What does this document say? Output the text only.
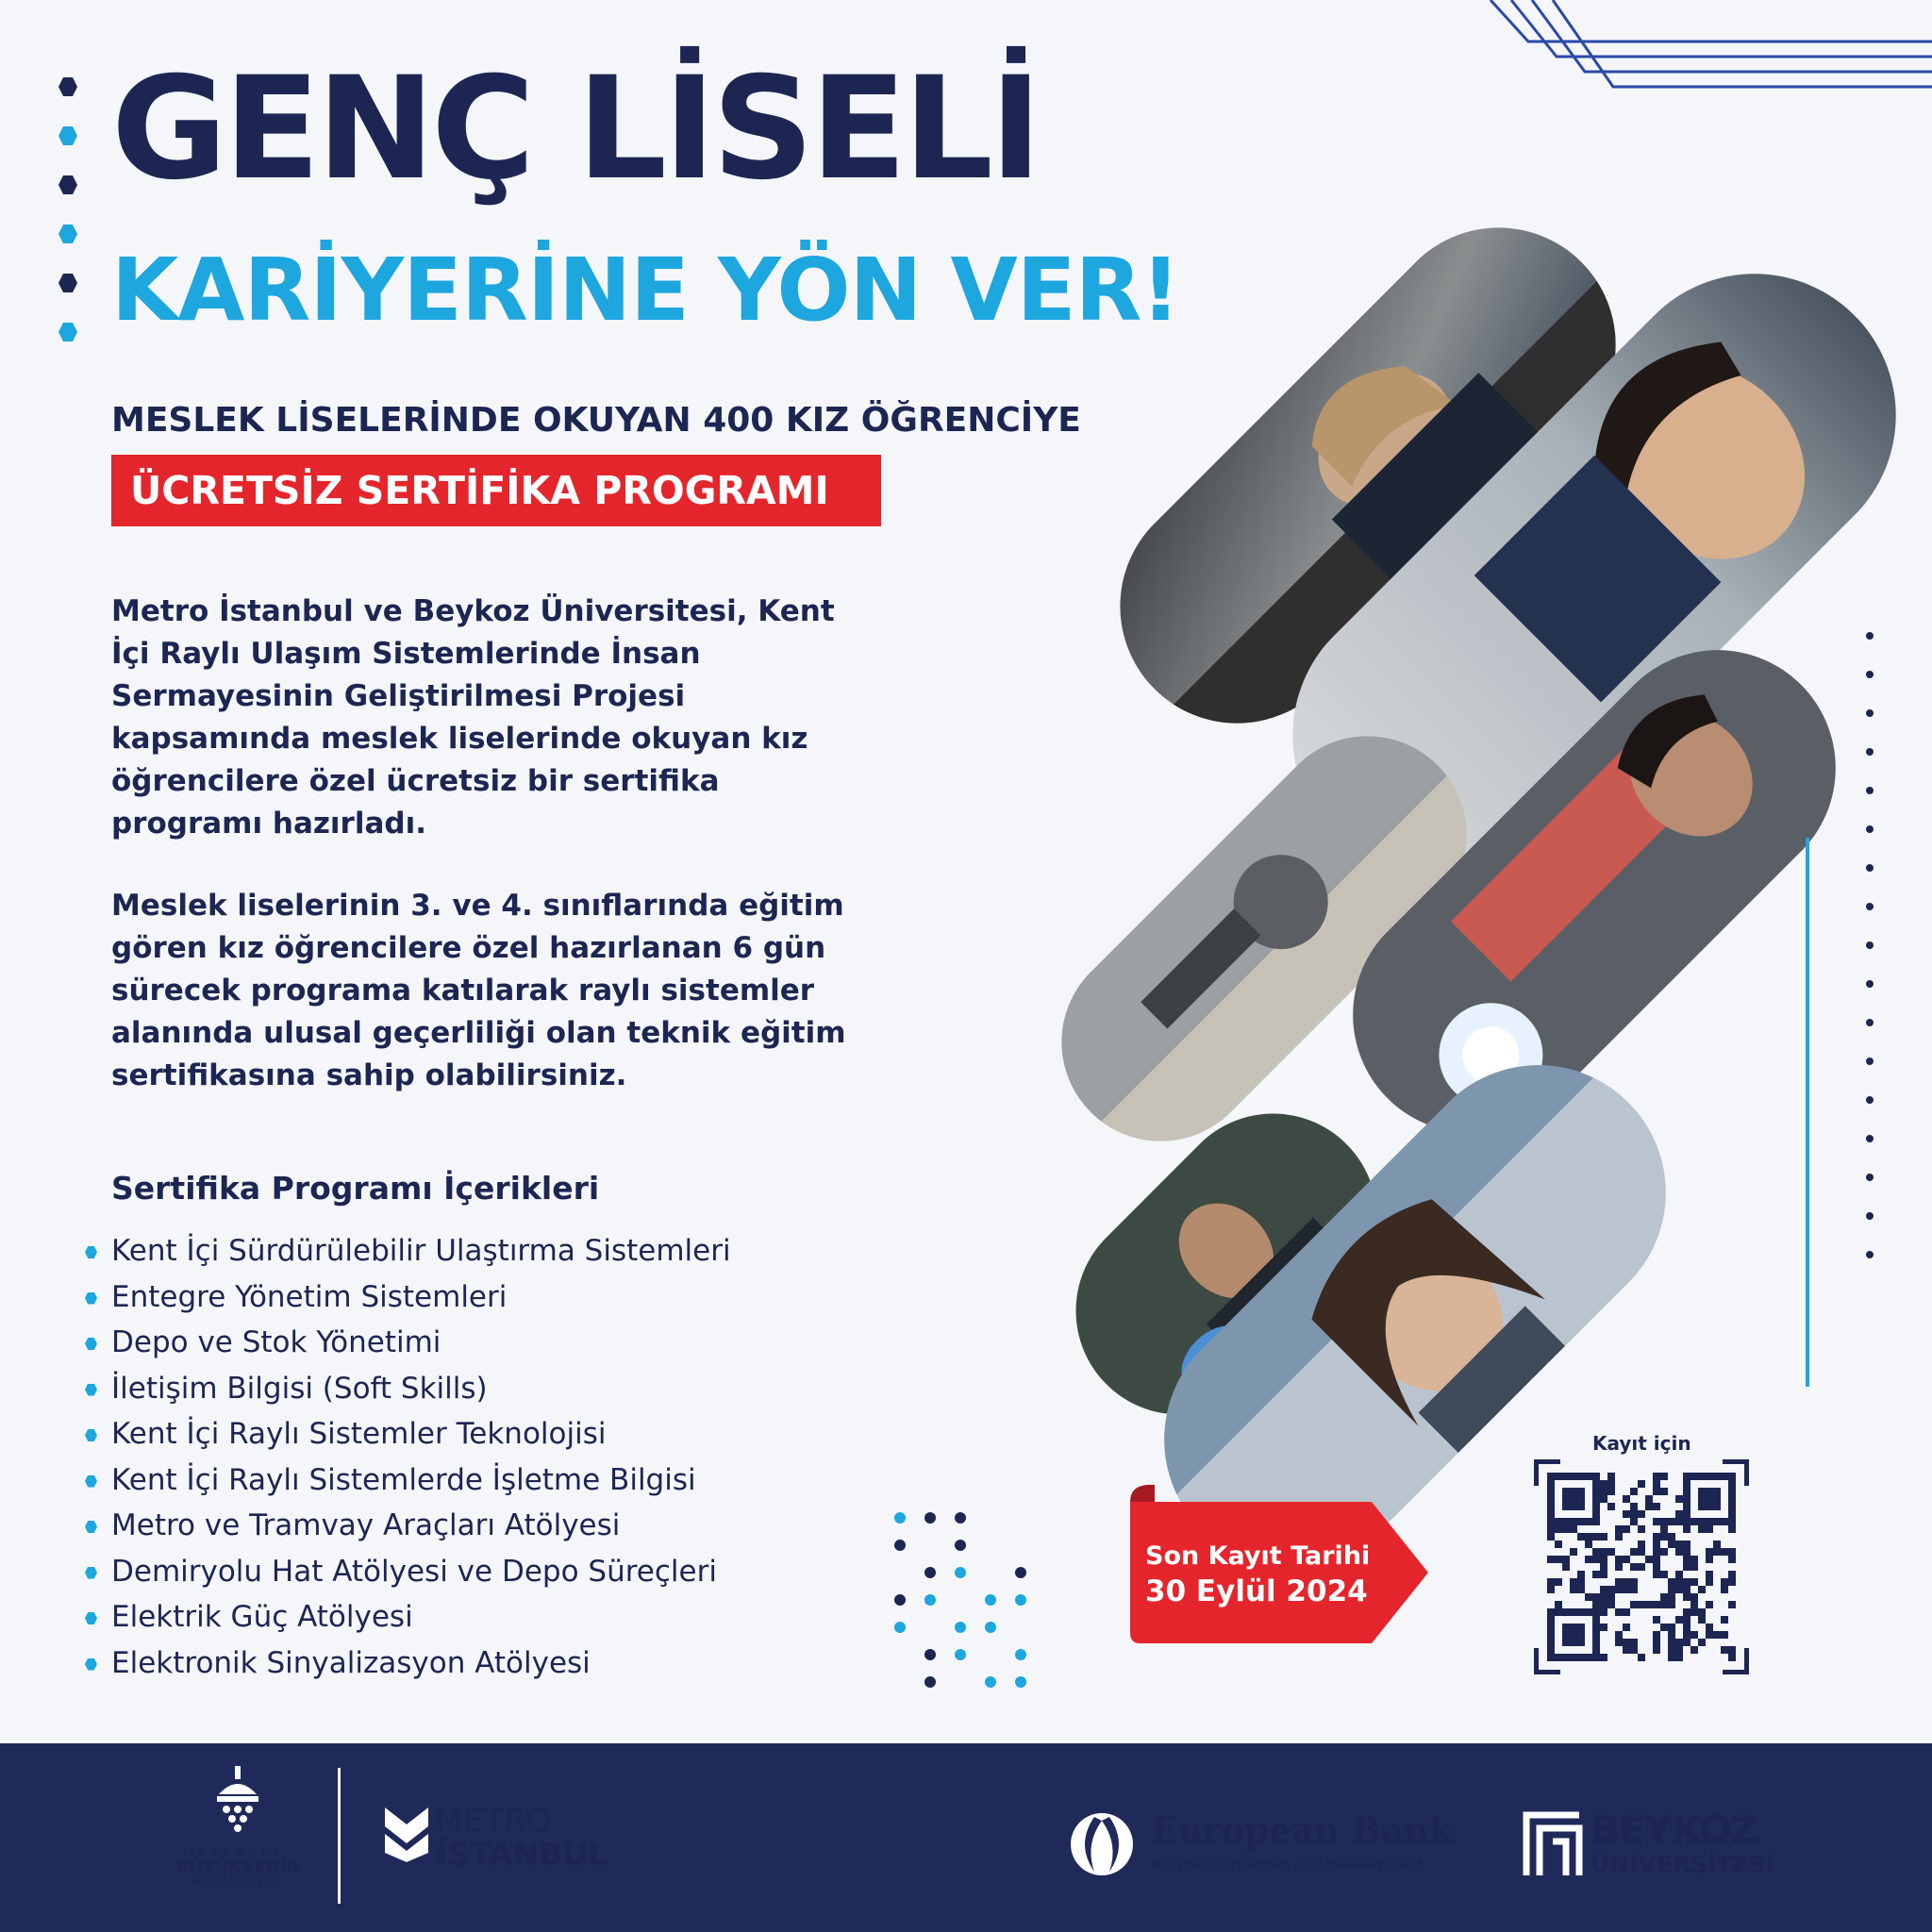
GENÇ LİSELİ
KARİYERİNE YÖN VER!
MESLEK LİSELERİNDE OKUYAN 400 KIZ ÖĞRENCİYE
ÜCRETSİZ SERTİFİKA PROGRAMI
Metro İstanbul ve Beykoz Üniversitesi, Kent
İçi Raylı Ulaşım Sistemlerinde İnsan
Sermayesinin Geliştirilmesi Projesi
kapsamında meslek liselerinde okuyan kız
öğrencilere özel ücretsiz bir sertifika
programı hazırladı.
Meslek liselerinin 3. ve 4. sınıflarında eğitim
gören kız öğrencilere özel hazırlanan 6 gün
sürecek programa katılarak raylı sistemler
alanında ulusal geçerliliği olan teknik eğitim
sertifikasına sahip olabilirsiniz.
Sertifika Programı İçerikleri
Kent İçi Sürdürülebilir Ulaştırma Sistemleri
Entegre Yönetim Sistemleri
Depo ve Stok Yönetimi
İletişim Bilgisi (Soft Skills)
Kent İçi Raylı Sistemler Teknolojisi
Kent İçi Raylı Sistemlerde İşletme Bilgisi
Metro ve Tramvay Araçları Atölyesi
Demiryolu Hat Atölyesi ve Depo Süreçleri
Elektrik Güç Atölyesi
Elektronik Sinyalizasyon Atölyesi
Son Kayıt Tarihi
30 Eylül 2024
Kayıt için
İSTANBUL
BÜYÜKŞEHİR
BELEDİYESİ
METRO
İSTANBUL
European Bank
for Reconstruction and Development
BEYKOZ
ÜNİVERSİTESİ
